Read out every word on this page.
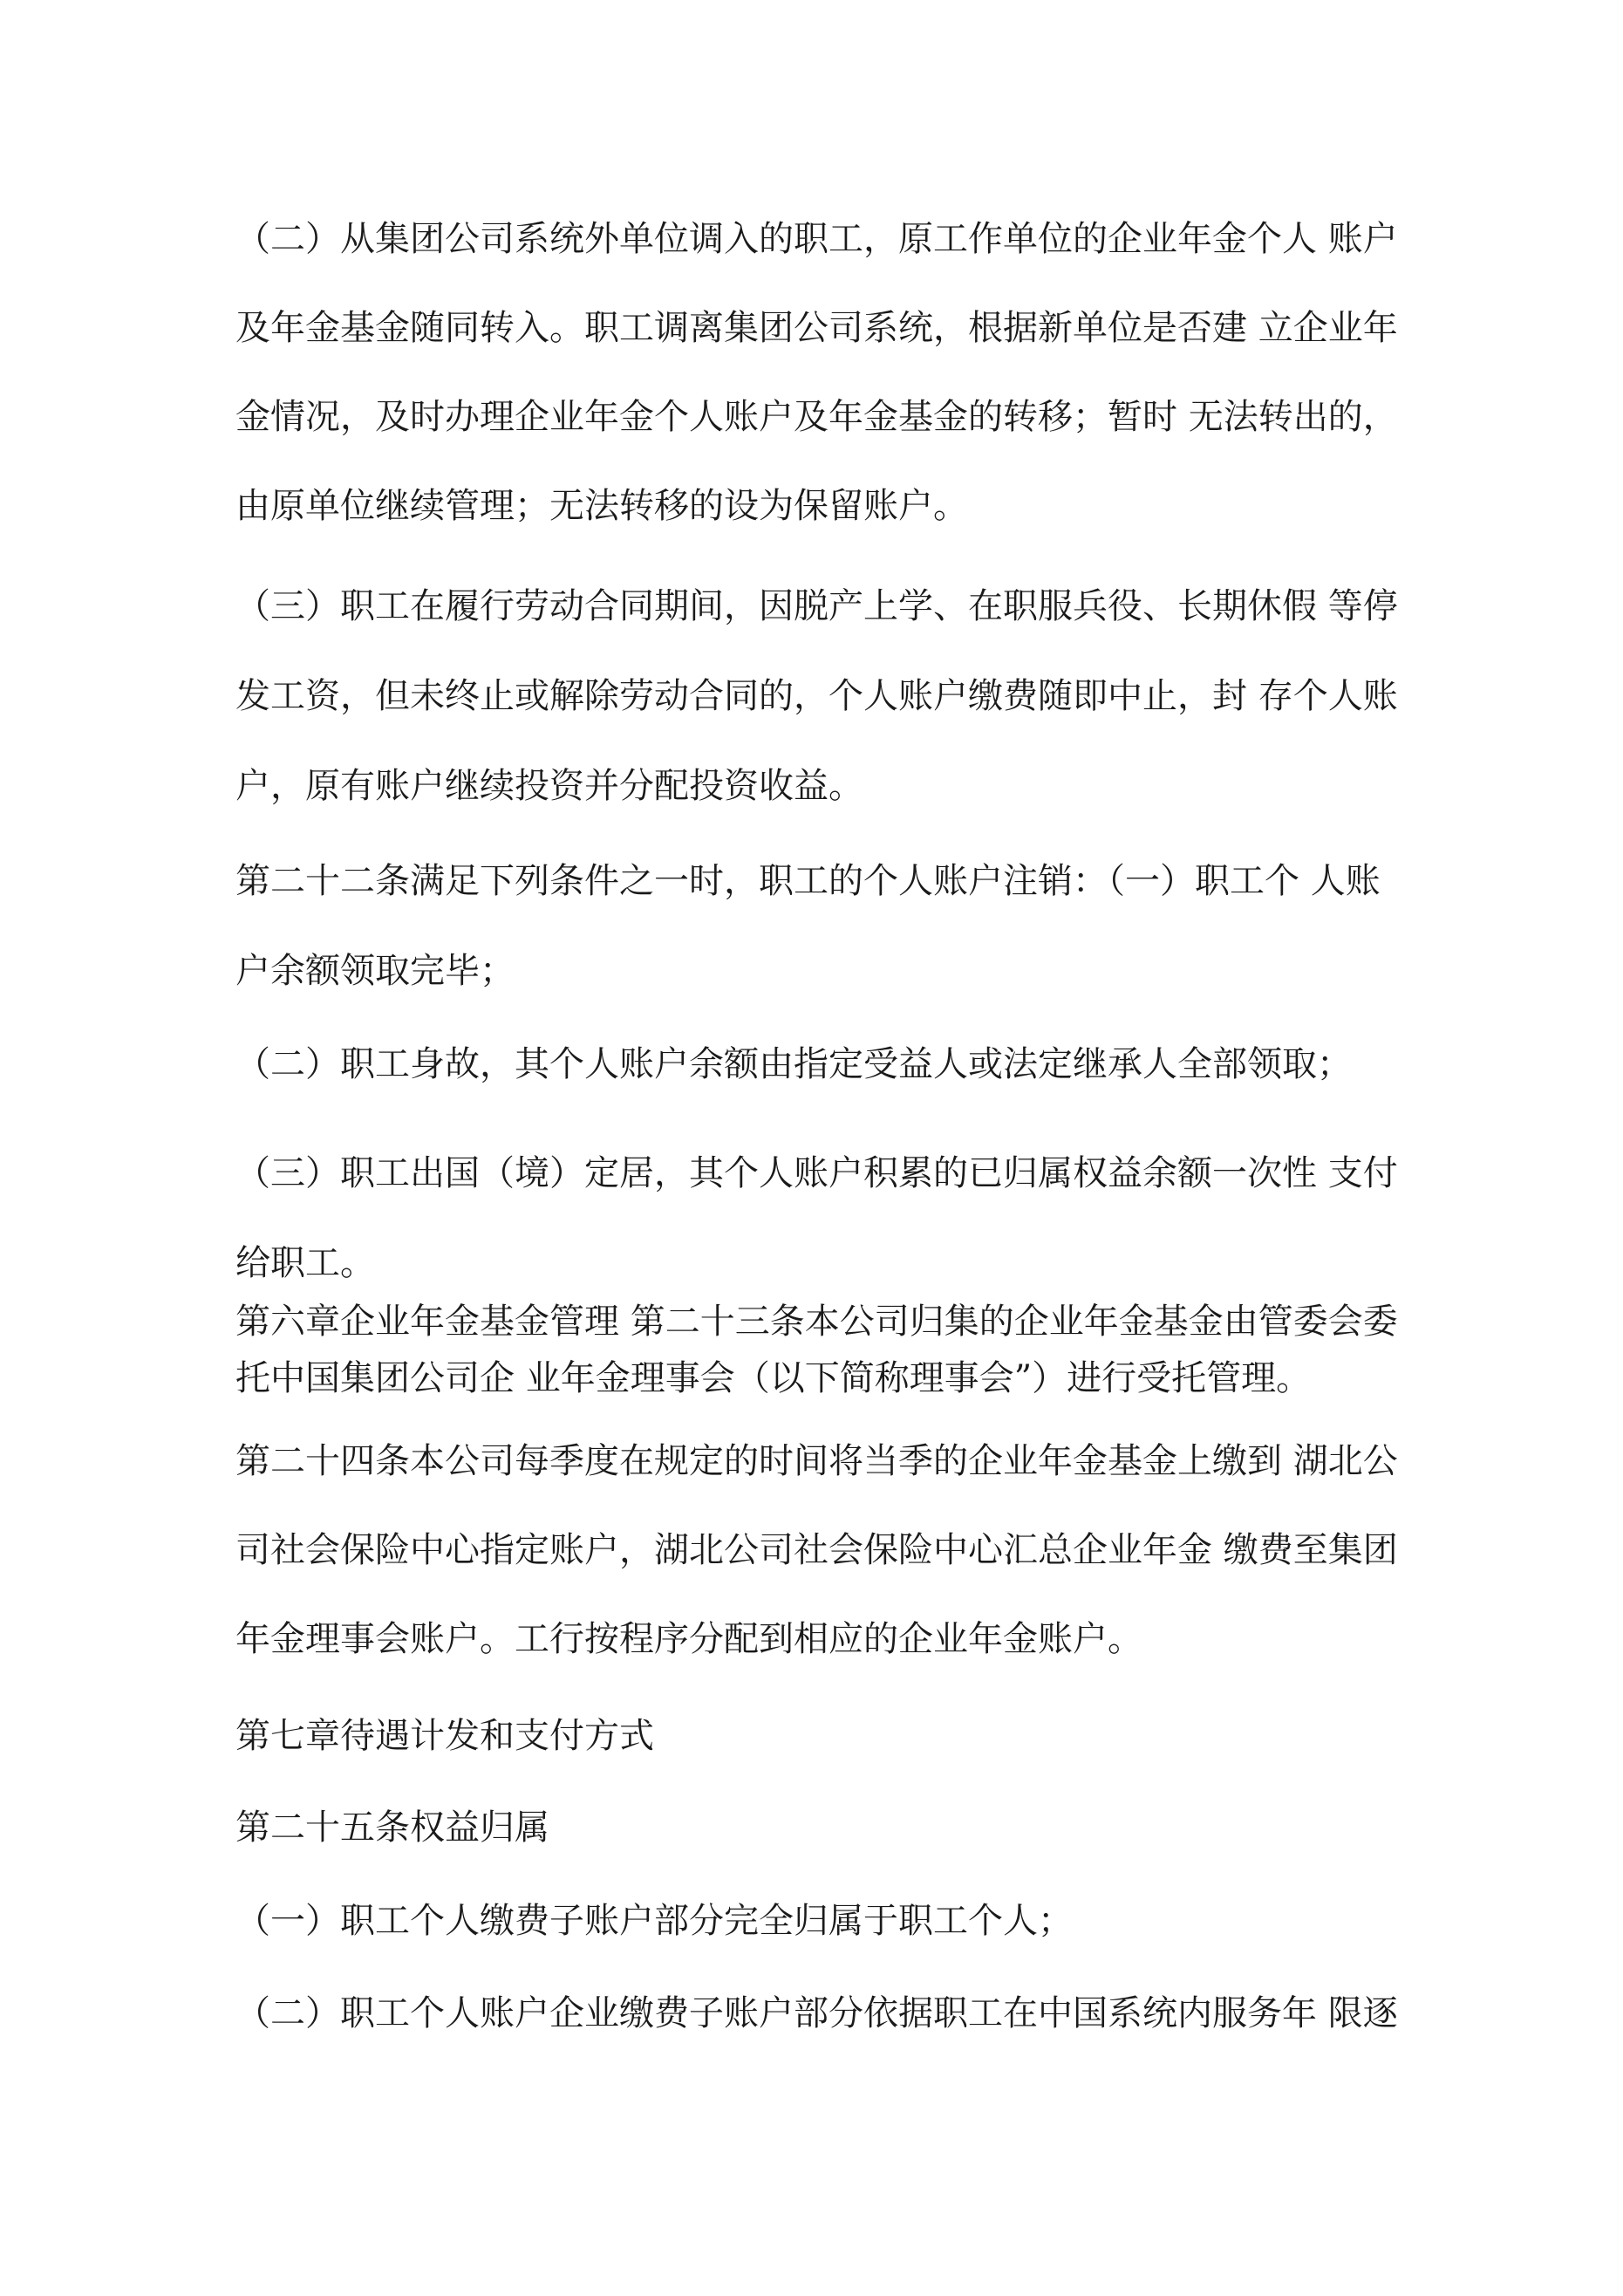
（二）从集团公司系统外单位调入的职工，原工作单位的企业年金个人 账户
及年金基金随同转入。职工调离集团公司系统，根据新单位是否建 立企业年
金情况，及时办理企业年金个人账户及年金基金的转移；暂时 无法转出的，
由原单位继续管理；无法转移的设为保留账户。
（三）职工在履行劳动合同期间，因脱产上学、在职服兵役、长期休假 等停
发工资，但未终止或解除劳动合同的，个人账户缴费随即中止，封 存个人账
户，原有账户继续投资并分配投资收益。
第二十二条满足下列条件之一时，职工的个人账户注销：（一）职工个 人账
户余额领取完毕；
（二）职工身故，其个人账户余额由指定受益人或法定继承人全部领取；
（三）职工出国（境）定居，其个人账户积累的已归属权益余额一次性 支付
给职工。
第六章企业年金基金管理 第二十三条本公司归集的企业年金基金由管委会委
托中国集团公司企 业年金理事会（以下简称理事会”）进行受托管理。
第二十四条本公司每季度在规定的时间将当季的企业年金基金上缴到 湖北公
司社会保险中心指定账户，湖北公司社会保险中心汇总企业年金 缴费至集团
年金理事会账户。工行按程序分配到相应的企业年金账户。
第七章待遇计发和支付方式
第二十五条权益归属
（一）职工个人缴费子账户部分完全归属于职工个人；
（二）职工个人账户企业缴费子账户部分依据职工在中国系统内服务年 限逐
